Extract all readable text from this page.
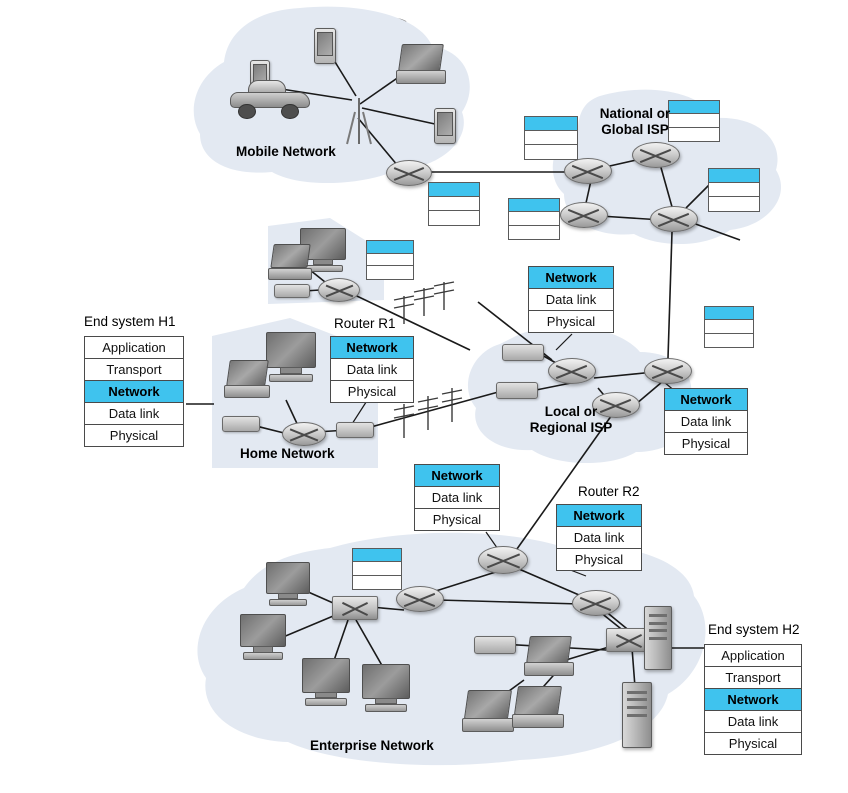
Mobile Network
National or
Global ISP
End system H1
Application
Transport
Network
Data link
Physical
Router R1
Network
Data link
Physical
Home Network
Network
Data link
Physical
Local or
Regional ISP
Network
Data link
Physical
Network
Data link
Physical
Router R2
Network
Data link
Physical
Enterprise Network
End system H2
Application
Transport
Network
Data link
Physical
